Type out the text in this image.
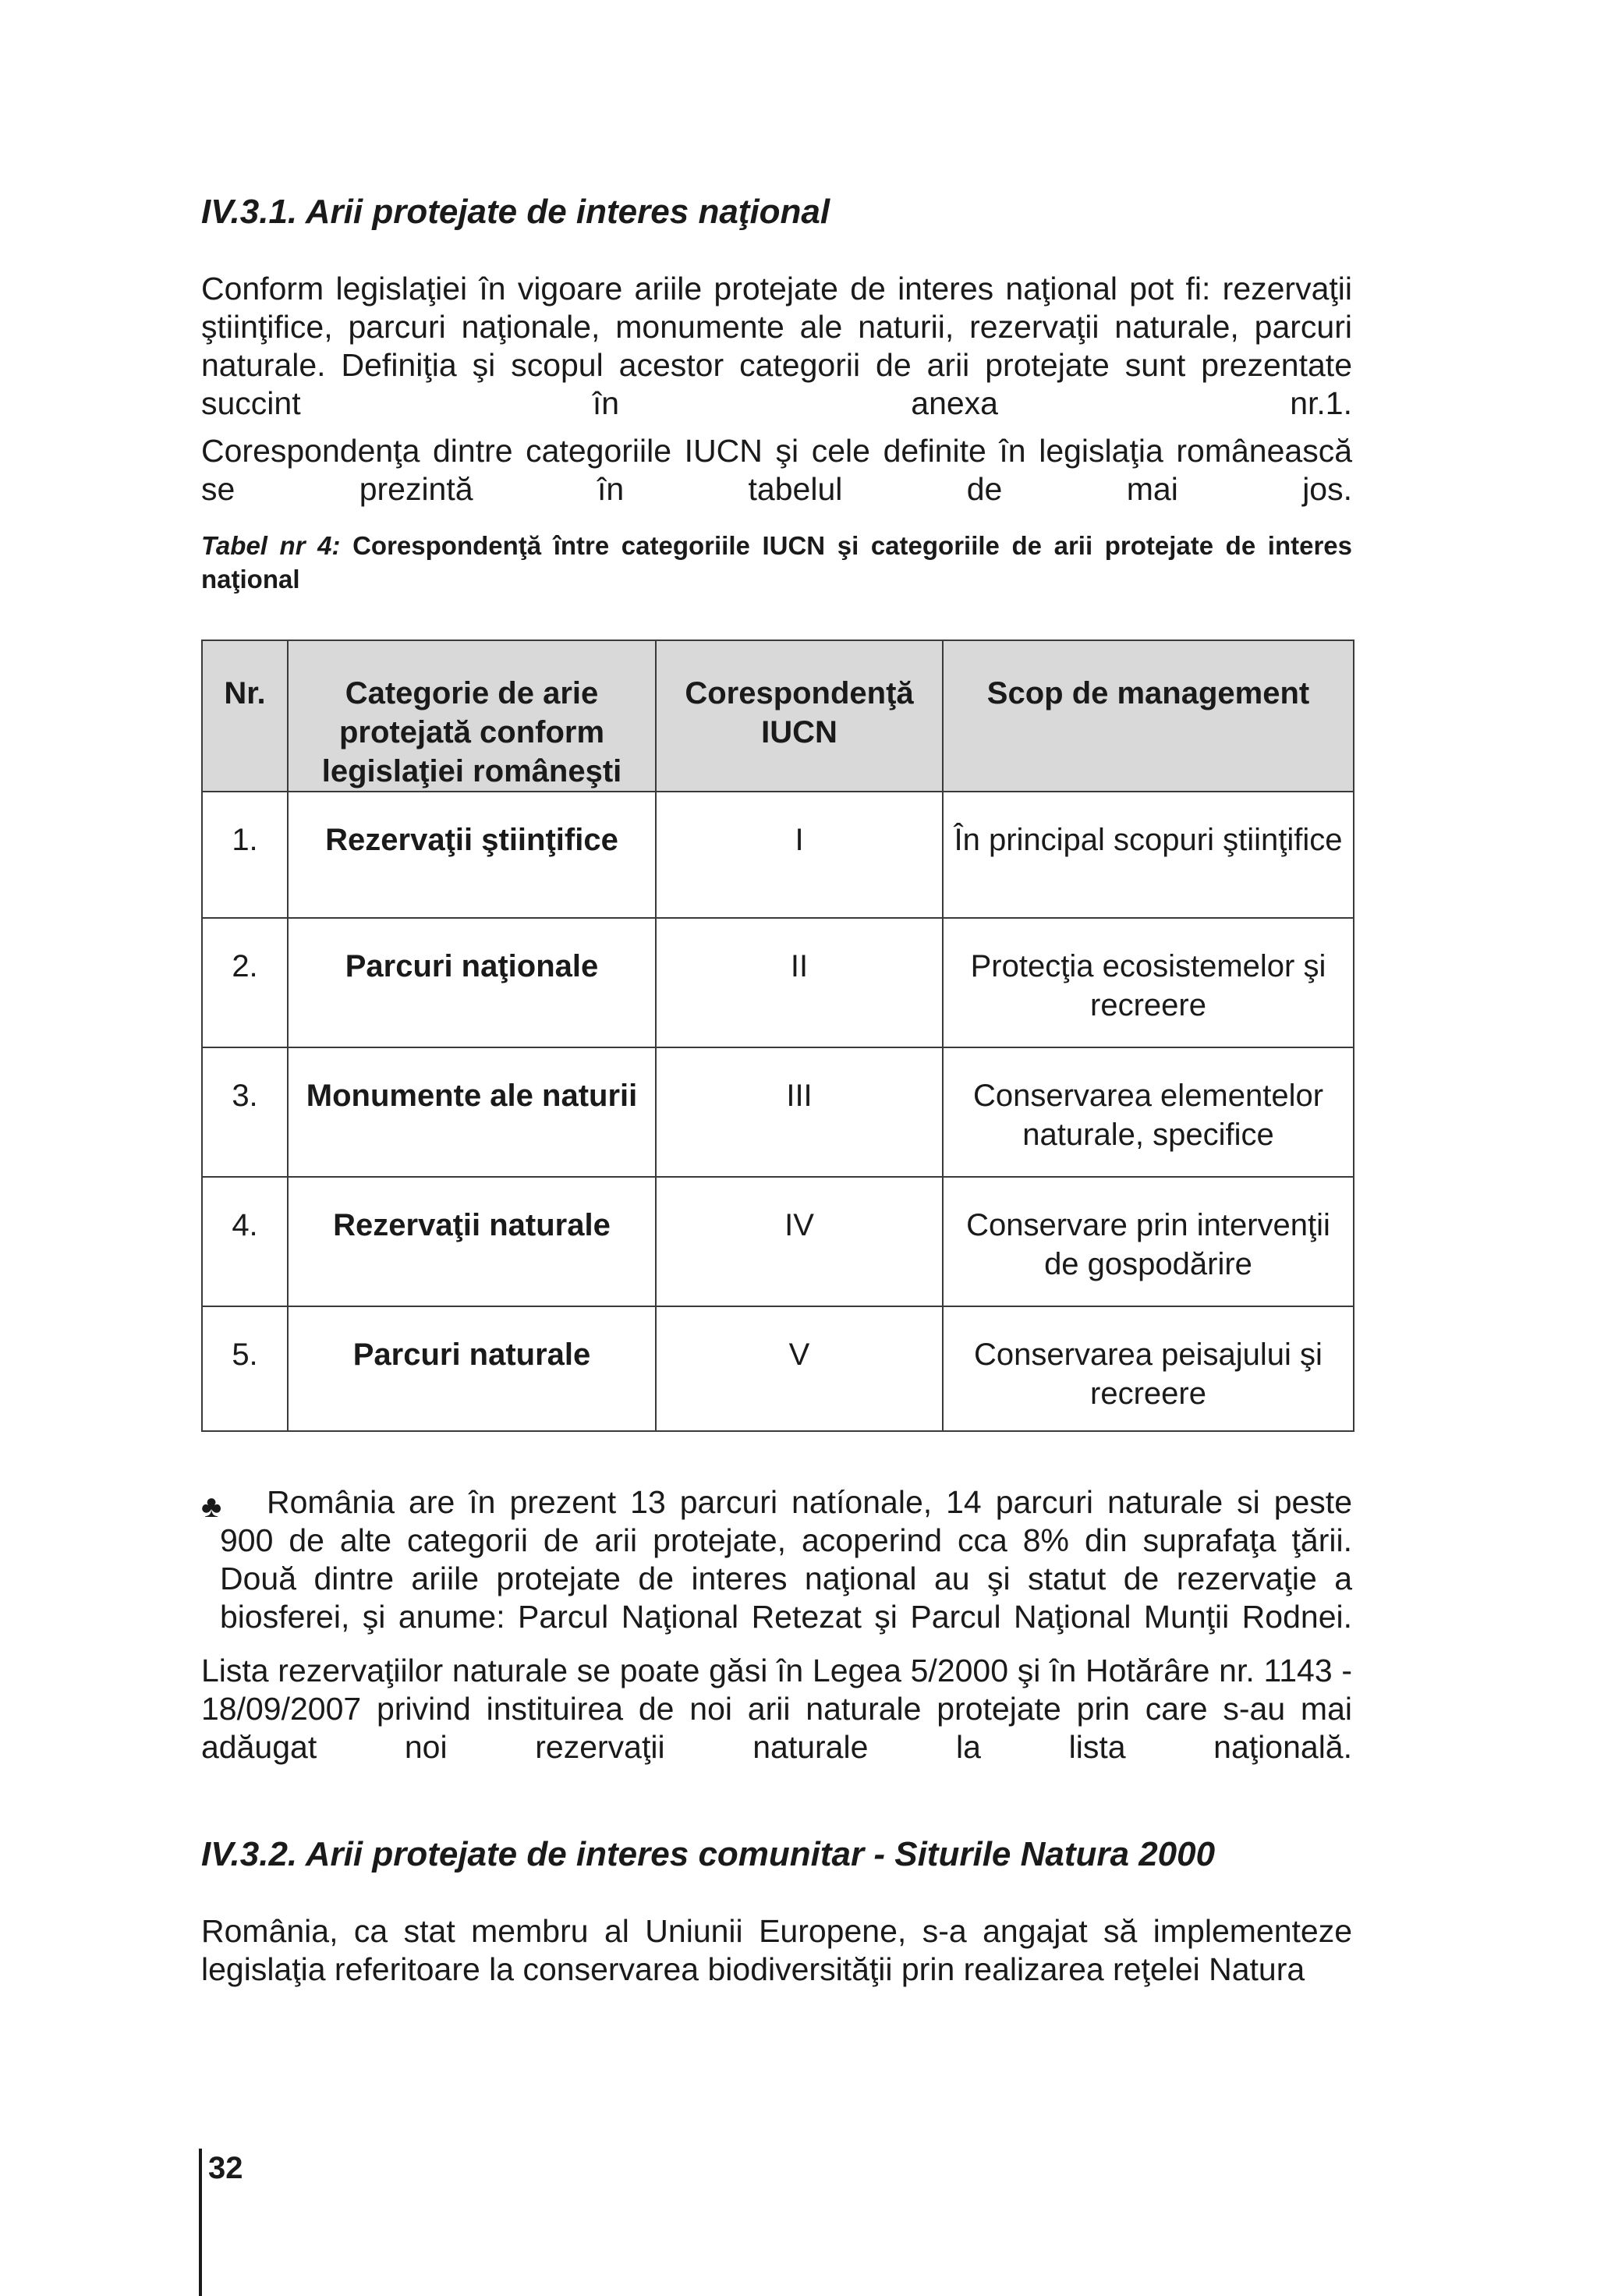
IV.3.1. Arii protejate de interes naţional

Conform legislaţiei în vigoare ariile protejate de interes naţional pot fi: rezervaţii ştiinţifice, parcuri naţionale, monumente ale naturii, rezervaţii naturale, parcuri naturale. Definiţia şi scopul acestor categorii de arii protejate sunt prezentate succint în anexa nr.1.

Corespondenţa dintre categoriile IUCN şi cele definite în legislaţia românească se prezintă în tabelul de mai jos.

Tabel nr 4: Corespondenţă între categoriile IUCN şi categoriile de arii protejate de interes naţional

Nr.	Categorie de arie protejată conform legislaţiei româneşti	Corespondenţă IUCN	Scop de management
1.	Rezervaţii ştiinţifice	I	În principal scopuri ştiinţifice
2.	Parcuri naţionale	II	Protecţia ecosistemelor şi recreere
3.	Monumente ale naturii	III	Conservarea elementelor naturale, specifice
4.	Rezervaţii naturale	IV	Conservare prin intervenţii de gospodărire
5.	Parcuri naturale	V	Conservarea peisajului şi recreere
♣	România are în prezent 13 parcuri natíonale, 14 parcuri naturale si peste 900 de alte categorii de arii protejate, acoperind cca 8% din suprafaţa ţării. Două dintre ariile protejate de interes naţional au şi statut de rezervaţie a biosferei, şi anume: Parcul Naţional Retezat şi Parcul Naţional Munţii Rodnei.

Lista rezervaţiilor naturale se poate găsi în Legea 5/2000 şi în Hotărâre nr. 1143 - 18/09/2007 privind instituirea de noi arii naturale protejate prin care s-au mai adăugat noi rezervaţii naturale la lista naţională.

IV.3.2. Arii protejate de interes comunitar - Siturile Natura 2000

România, ca stat membru al Uniunii Europene, s-a angajat să implementeze legislaţia referitoare la conservarea biodiversităţii prin realizarea reţelei Natura

32
